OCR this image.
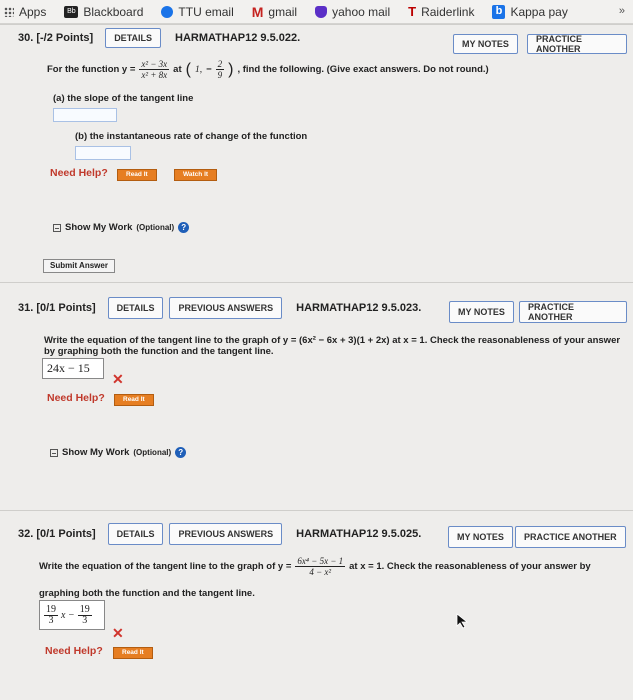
Apps	Bb Blackboard	TTU email M gmail	yahoo mail T Raiderlink b Kappa pay	»
30. [-/2 Points]	DETAILS	HARMATHAP12 9.5.022.	MY NOTES	PRACTICE ANOTHER
For the function $y = \frac{\text{x² − 3x}}{\text{x² + 8x}}$ at ( 1, − $\frac{2}{9}$ ) , find the following. (Give exact answers. Do not round.)
(a) the slope of the tangent line
(b) the instantaneous rate of change of the function
Need Help?	Read It	Watch It
Show My Work (Optional) ?
Submit Answer
31. [0/1 Points]	DETAILS	PREVIOUS ANSWERS	HARMATHAP12 9.5.023.	MY NOTES	PRACTICE ANOTHER
Write the equation of the tangent line to the graph of y = (6x² − 6x + 3)(1 + 2x) at x = 1. Check the reasonableness of your answer
by graphing both the function and the tangent line.
24x − 15
✕
Need Help?	Read It
Show My Work (Optional) ?
32. [0/1 Points]	DETAILS	PREVIOUS ANSWERS	HARMATHAP12 9.5.025.	MY NOTES	PRACTICE ANOTHER
Write the equation of the tangent line to the graph of $y = \frac{\text{6x⁴ − 5x − 1}}{\text{4 − x²}}$ at x = 1. Check the reasonableness of your answer by
graphing both the function and the tangent line.
$\frac{19}{3}$ $x - \frac{19}{3}$
✕
Need Help?	Read It
